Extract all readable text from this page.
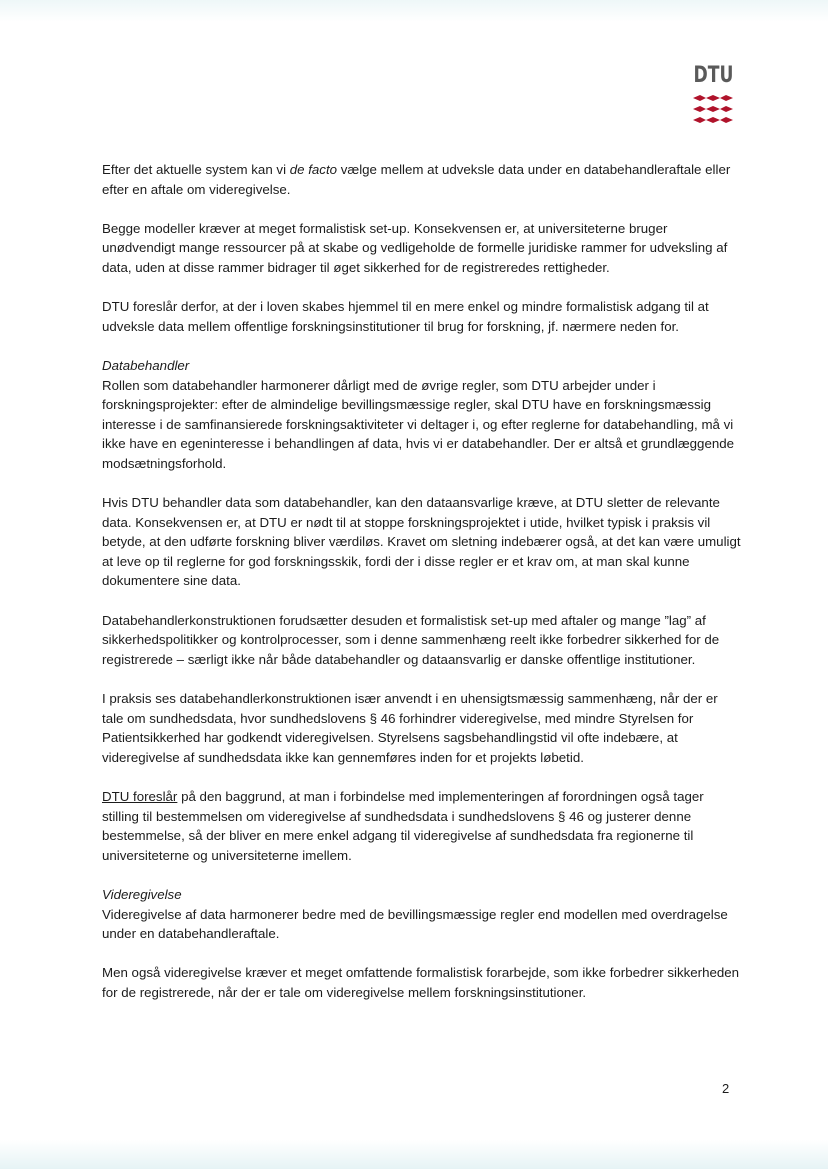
DTU

Efter det aktuelle system kan vi de facto vælge mellem at udveksle data under en databehandleraftale eller efter en aftale om videregivelse.

Begge modeller kræver at meget formalistisk set-up. Konsekvensen er, at universiteterne bruger unødvendigt mange ressourcer på at skabe og vedligeholde de formelle juridiske rammer for udveksling af data, uden at disse rammer bidrager til øget sikkerhed for de registreredes rettigheder.

DTU foreslår derfor, at der i loven skabes hjemmel til en mere enkel og mindre formalistisk adgang til at udveksle data mellem offentlige forskningsinstitutioner til brug for forskning, jf. nærmere neden for.

Databehandler

Rollen som databehandler harmonerer dårligt med de øvrige regler, som DTU arbejder under i forskningsprojekter: efter de almindelige bevillingsmæssige regler, skal DTU have en forskningsmæssig interesse i de samfinansierede forskningsaktiviteter vi deltager i, og efter reglerne for databehandling, må vi ikke have en egeninteresse i behandlingen af data, hvis vi er databehandler. Der er altså et grundlæggende modsætningsforhold.

Hvis DTU behandler data som databehandler, kan den dataansvarlige kræve, at DTU sletter de relevante data. Konsekvensen er, at DTU er nødt til at stoppe forskningsprojektet i utide, hvilket typisk i praksis vil betyde, at den udførte forskning bliver værdiløs. Kravet om sletning indebærer også, at det kan være umuligt at leve op til reglerne for god forskningsskik, fordi der i disse regler er et krav om, at man skal kunne dokumentere sine data.

Databehandlerkonstruktionen forudsætter desuden et formalistisk set-up med aftaler og mange ”lag” af sikkerhedspolitikker og kontrolprocesser, som i denne sammenhæng reelt ikke forbedrer sikkerhed for de registrerede – særligt ikke når både databehandler og dataansvarlig er danske offentlige institutioner.

I praksis ses databehandlerkonstruktionen især anvendt i en uhensigtsmæssig sammenhæng, når der er tale om sundhedsdata, hvor sundhedslovens § 46 forhindrer videregivelse, med mindre Styrelsen for Patientsikkerhed har godkendt videregivelsen. Styrelsens sagsbehandlingstid vil ofte indebære, at videregivelse af sundhedsdata ikke kan gennemføres inden for et projekts løbetid.

DTU foreslår på den baggrund, at man i forbindelse med implementeringen af forordningen også tager stilling til bestemmelsen om videregivelse af sundhedsdata i sundhedslovens § 46 og justerer denne bestemmelse, så der bliver en mere enkel adgang til videregivelse af sundhedsdata fra regionerne til universiteterne og universiteterne imellem.

Videregivelse

Videregivelse af data harmonerer bedre med de bevillingsmæssige regler end modellen med overdragelse under en databehandleraftale.

Men også videregivelse kræver et meget omfattende formalistisk forarbejde, som ikke forbedrer sikkerheden for de registrerede, når der er tale om videregivelse mellem forskningsinstitutioner.

2
